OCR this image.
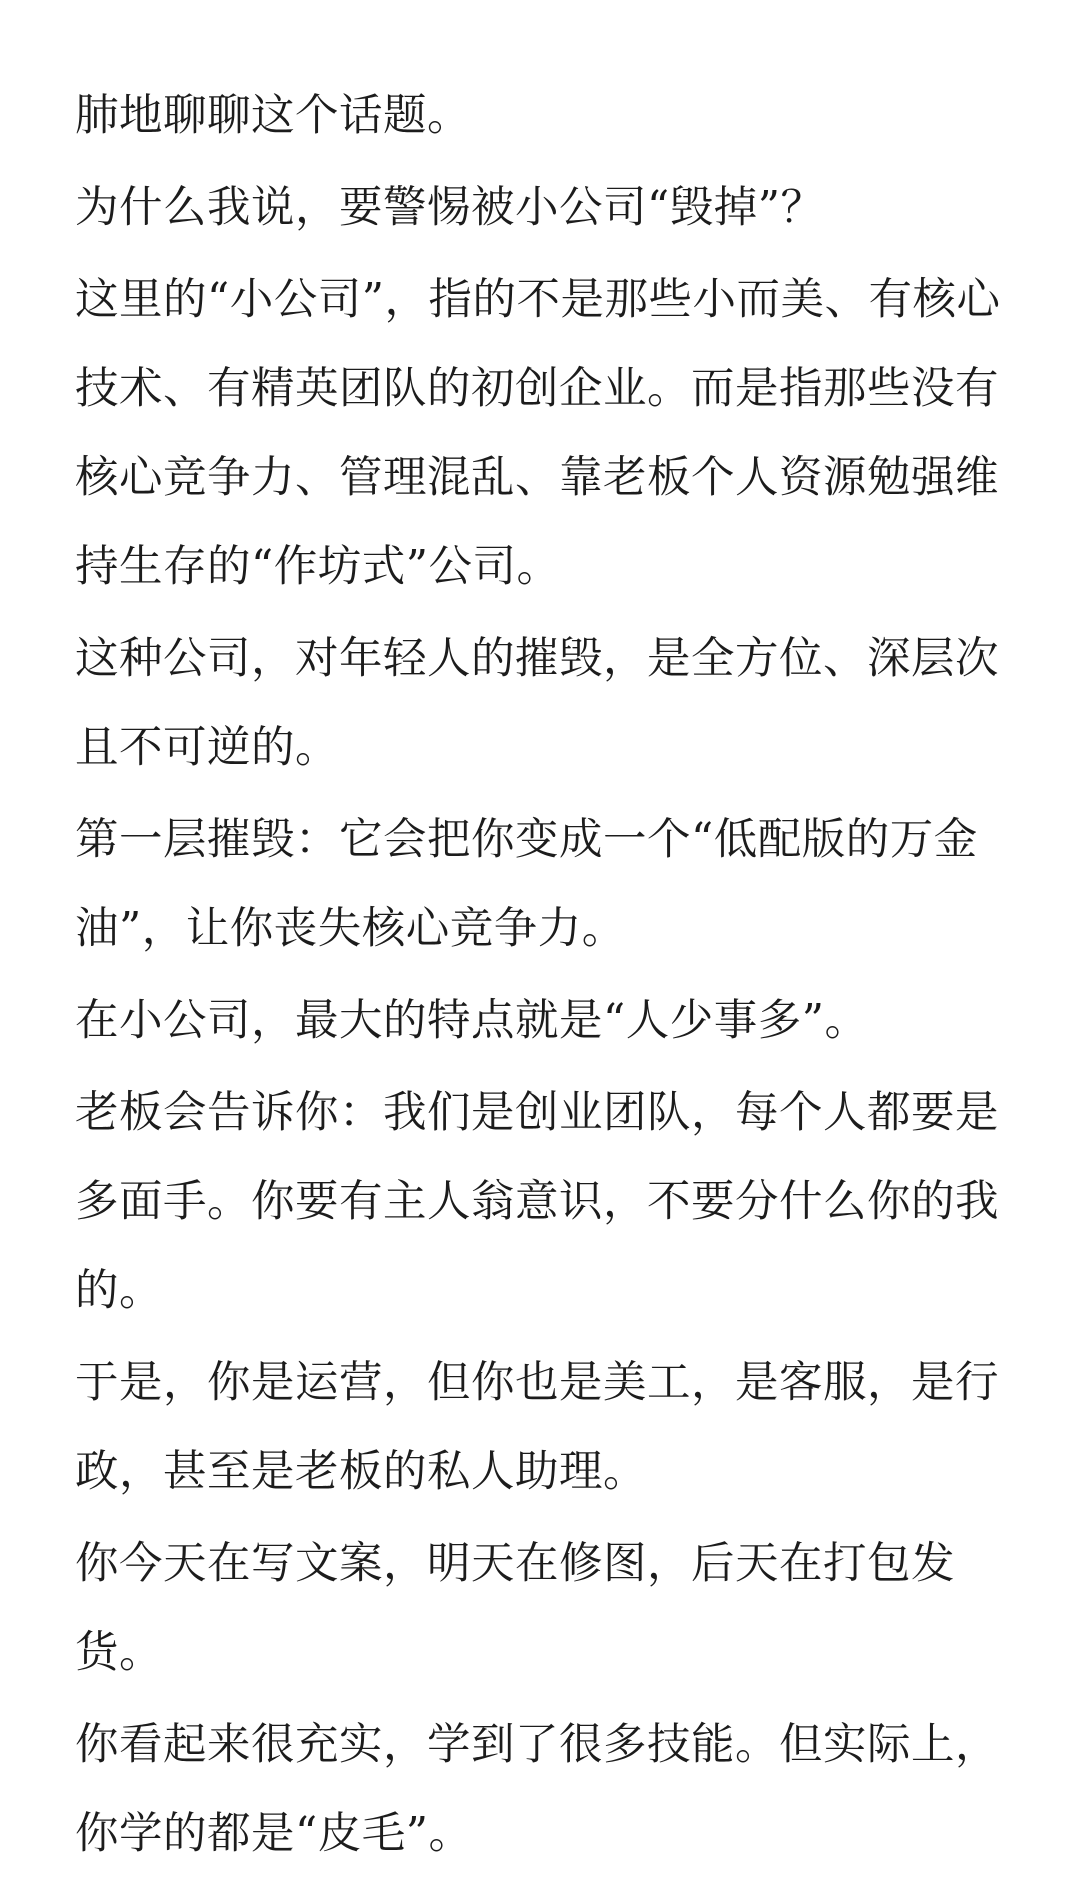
肺地聊聊这个话题。

为什么我说，要警惕被小公司“毁掉”？

这里的“小公司”，指的不是那些小而美、有核心技术、有精英团队的初创企业。而是指那些没有核心竞争力、管理混乱、靠老板个人资源勉强维持生存的“作坊式”公司。

这种公司，对年轻人的摧毁，是全方位、深层次且不可逆的。

第一层摧毁：它会把你变成一个“低配版的万金油”，让你丧失核心竞争力。

在小公司，最大的特点就是“人少事多”。

老板会告诉你：我们是创业团队，每个人都要是多面手。你要有主人翁意识，不要分什么你的我的。

于是，你是运营，但你也是美工，是客服，是行政，甚至是老板的私人助理。

你今天在写文案，明天在修图，后天在打包发货。

你看起来很充实，学到了很多技能。但实际上，你学的都是“皮毛”。
